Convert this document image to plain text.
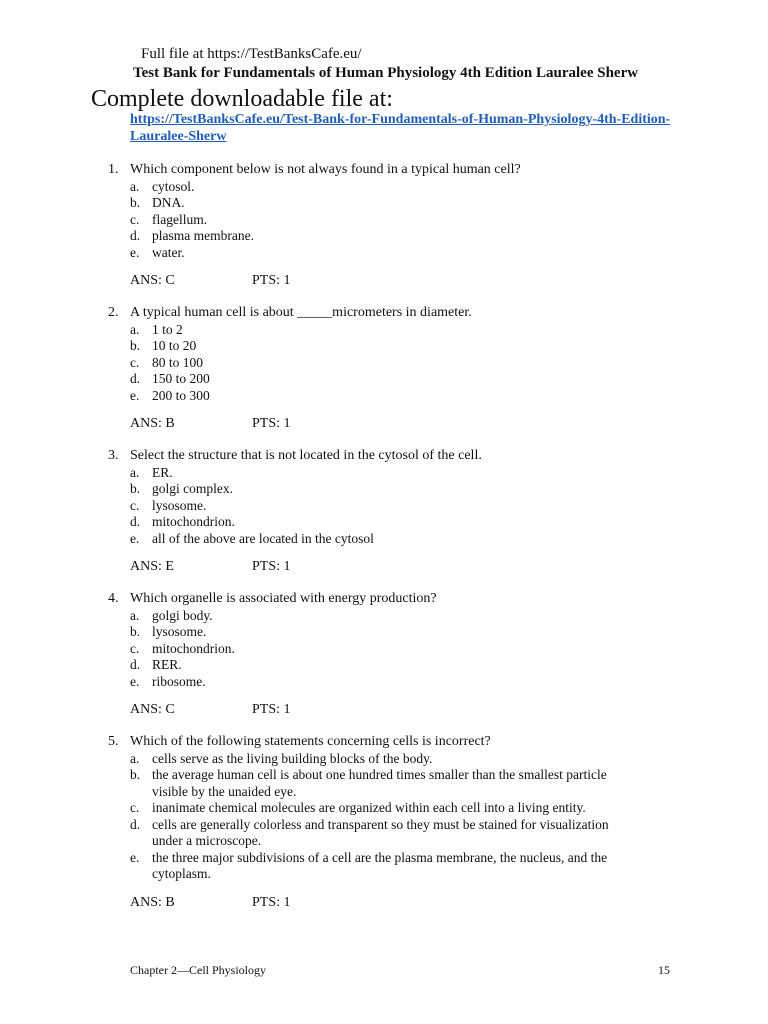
Full file at https://TestBanksCafe.eu/
Test Bank for Fundamentals of Human Physiology 4th Edition Lauralee Sherw
Complete downloadable file at:
https://TestBanksCafe.eu/Test-Bank-for-Fundamentals-of-Human-Physiology-4th-Edition-Lauralee-Sherw
1. Which component below is not always found in a typical human cell?
a. cytosol.
b. DNA.
c. flagellum.
d. plasma membrane.
e. water.
ANS: C	PTS: 1
2. A typical human cell is about _____micrometers in diameter.
a. 1 to 2
b. 10 to 20
c. 80 to 100
d. 150 to 200
e. 200 to 300
ANS: B	PTS: 1
3. Select the structure that is not located in the cytosol of the cell.
a. ER.
b. golgi complex.
c. lysosome.
d. mitochondrion.
e. all of the above are located in the cytosol
ANS: E	PTS: 1
4. Which organelle is associated with energy production?
a. golgi body.
b. lysosome.
c. mitochondrion.
d. RER.
e. ribosome.
ANS: C	PTS: 1
5. Which of the following statements concerning cells is incorrect?
a. cells serve as the living building blocks of the body.
b. the average human cell is about one hundred times smaller than the smallest particle visible by the unaided eye.
c. inanimate chemical molecules are organized within each cell into a living entity.
d. cells are generally colorless and transparent so they must be stained for visualization under a microscope.
e. the three major subdivisions of a cell are the plasma membrane, the nucleus, and the cytoplasm.
ANS: B	PTS: 1
Chapter 2—Cell Physiology	15
